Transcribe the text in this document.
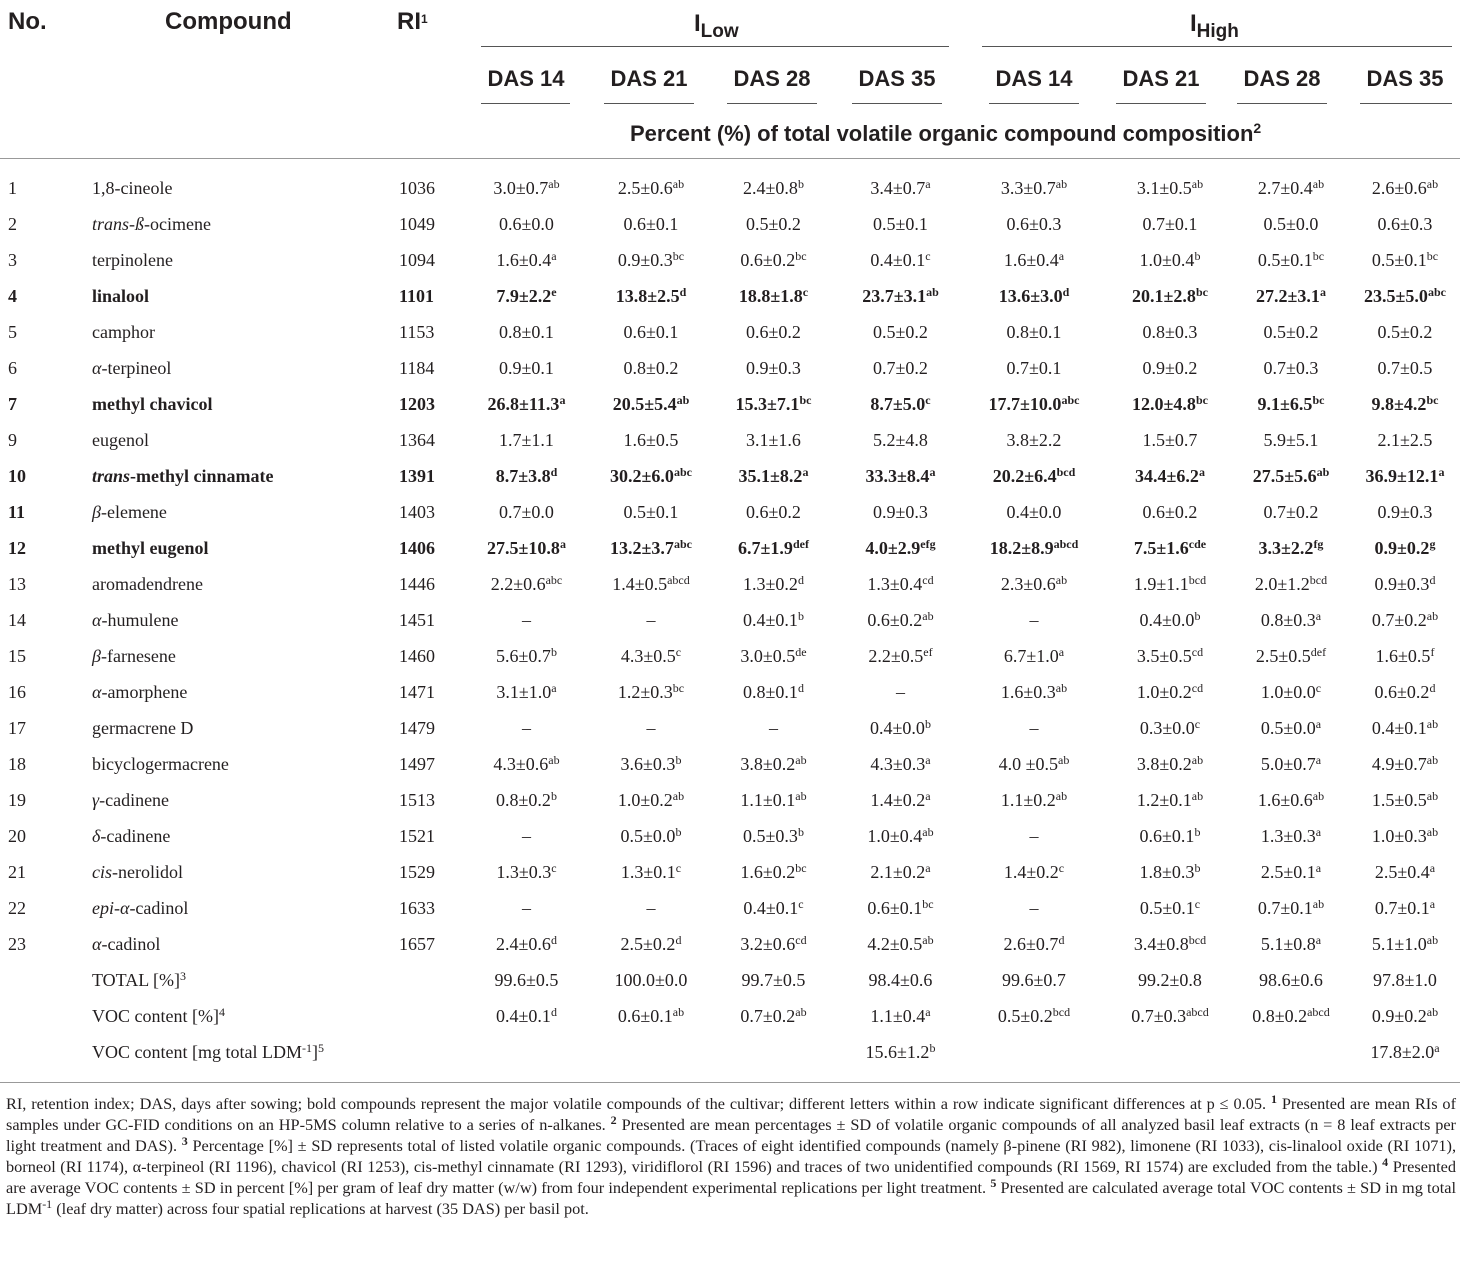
No.	Compound	$RI^1$	$I_{Low}$	$I_{High}$
DAS 14	DAS 21	DAS 28	DAS 35	DAS 14	DAS 21	DAS 28	DAS 35
Percent (%) of total volatile organic compound composition$^2$
1	1,8-cineole	1036	3.0±0.7$^{ab}$	2.5±0.6$^{ab}$	2.4±0.8$^b$	3.4±0.7$^a$	3.3±0.7$^{ab}$	3.1±0.5$^{ab}$	2.7±0.4$^{ab}$	2.6±0.6$^{ab}$
2	trans-ß-ocimene	1049	0.6±0.0	0.6±0.1	0.5±0.2	0.5±0.1	0.6±0.3	0.7±0.1	0.5±0.0	0.6±0.3
3	terpinolene	1094	1.6±0.4$^a$	0.9±0.3$^{bc}$	0.6±0.2$^{bc}$	0.4±0.1$^c$	1.6±0.4$^a$	1.0±0.4$^b$	0.5±0.1$^{bc}$	0.5±0.1$^{bc}$
4	linalool	1101	7.9±2.2$^e$	13.8±2.5$^d$	18.8±1.8$^c$	23.7±3.1$^{ab}$	13.6±3.0$^d$	20.1±2.8$^{bc}$	27.2±3.1$^a$	23.5±5.0$^{abc}$
5	camphor	1153	0.8±0.1	0.6±0.1	0.6±0.2	0.5±0.2	0.8±0.1	0.8±0.3	0.5±0.2	0.5±0.2
6	α-terpineol	1184	0.9±0.1	0.8±0.2	0.9±0.3	0.7±0.2	0.7±0.1	0.9±0.2	0.7±0.3	0.7±0.5
7	methyl chavicol	1203	26.8±11.3$^a$	20.5±5.4$^{ab}$	15.3±7.1$^{bc}$	8.7±5.0$^c$	17.7±10.0$^{abc}$	12.0±4.8$^{bc}$	9.1±6.5$^{bc}$	9.8±4.2$^{bc}$
9	eugenol	1364	1.7±1.1	1.6±0.5	3.1±1.6	5.2±4.8	3.8±2.2	1.5±0.7	5.9±5.1	2.1±2.5
10	trans-methyl cinnamate	1391	8.7±3.8$^d$	30.2±6.0$^{abc}$	35.1±8.2$^a$	33.3±8.4$^a$	20.2±6.4$^{bcd}$	34.4±6.2$^a$	27.5±5.6$^{ab}$	36.9±12.1$^a$
11	β-elemene	1403	0.7±0.0	0.5±0.1	0.6±0.2	0.9±0.3	0.4±0.0	0.6±0.2	0.7±0.2	0.9±0.3
12	methyl eugenol	1406	27.5±10.8$^a$	13.2±3.7$^{abc}$	6.7±1.9$^{def}$	4.0±2.9$^{efg}$	$18.2\pm 8.9^{abcd}$	7.5±1.6$^{cde}$	3.3±2.2$^{fg}$	0.9±0.2$^g$
13	aromadendrene	1446	2.2±0.6$^{abc}$	$1.4\pm 0.5^{abcd}$	1.3±0.2$^d$	1.3±0.4$^{cd}$	2.3±0.6$^{ab}$	1.9±1.1$^{bcd}$	2.0±1.2$^{bcd}$	0.9±0.3$^d$
14	α-humulene	1451	–	–	0.4±0.1$^b$	0.6±0.2$^{ab}$	–	0.4±0.0$^b$	0.8±0.3$^a$	0.7±0.2$^{ab}$
15	β-farnesene	1460	5.6±0.7$^b$	4.3±0.5$^c$	3.0±0.5de	2.2±0.5$^{ef}$	6.7±1.0$^a$	3.5±0.5$^{cd}$	2.5±0.5$^{def}$	1.6±0.5$^f$
16	α-amorphene	1471	3.1±1.0$^a$	1.2±0.3$^{bc}$	0.8±0.1$^d$	–	1.6±0.3$^{ab}$	1.0±0.2$^{cd}$	1.0±0.0$^c$	0.6±0.2$^d$
17	germacrene D	1479	–	–	–	0.4±0.0$^b$	–	0.3±0.0$^c$	0.5±0.0$^a$	0.4±0.1$^{ab}$
18	bicyclogermacrene	1497	4.3±0.6$^{ab}$	3.6±0.3$^b$	3.8±0.2$^{ab}$	4.3±0.3$^a$	4.0 ±0.5$^{ab}$	3.8±0.2$^{ab}$	5.0±0.7$^a$	4.9±0.7$^{ab}$
19	γ-cadinene	1513	0.8±0.2$^b$	1.0±0.2$^{ab}$	1.1±0.1$^{ab}$	1.4±0.2$^a$	1.1±0.2$^{ab}$	1.2±0.1$^{ab}$	1.6±0.6$^{ab}$	1.5±0.5$^{ab}$
20	δ-cadinene	1521	–	0.5±0.0$^b$	0.5±0.3$^b$	1.0±0.4$^{ab}$	–	0.6±0.1$^b$	1.3±0.3$^a$	1.0±0.3$^{ab}$
21	cis-nerolidol	1529	1.3±0.3$^c$	1.3±0.1$^c$	1.6±0.2$^{bc}$	2.1±0.2$^a$	1.4±0.2$^c$	1.8±0.3$^b$	2.5±0.1$^a$	2.5±0.4$^a$
22	epi-α-cadinol	1633	–	–	0.4±0.1$^c$	0.6±0.1$^{bc}$	–	0.5±0.1$^c$	0.7±0.1$^{ab}$	0.7±0.1$^a$
23	α-cadinol	1657	2.4±0.6$^d$	2.5±0.2$^d$	3.2±0.6$^{cd}$	4.2±0.5$^{ab}$	2.6±0.7$^d$	3.4±0.8$^{bcd}$	5.1±0.8$^a$	5.1±1.0$^{ab}$
	TOTAL [%]$^3$		99.6±0.5	100.0±0.0	99.7±0.5	98.4±0.6	99.6±0.7	99.2±0.8	98.6±0.6	97.8±1.0
	VOC content [%]$^4$		0.4±0.1$^d$	0.6±0.1$^{ab}$	0.7±0.2$^{ab}$	1.1±0.4$^a$	0.5±0.2$^{bcd}$	$0.7\pm 0.3^{abcd}$	$0.8\pm 0.2^{abcd}$	0.9±0.2$^{ab}$
	VOC content [mg total $LDM^{-1}]^5$					15.6±1.2$^b$				17.8±2.0$^a$
RI, retention index; DAS, days after sowing; bold compounds represent the major volatile compounds of the cultivar; different letters within a row indicate significant differences at p ≤ 0.05. $^1$ Presented are mean RIs of samples under GC-FID conditions on an HP-5MS column relative to a series of n-alkanes. $^2$ Presented are mean percentages ± SD of volatile organic compounds of all analyzed basil leaf extracts (n = 8 leaf extracts per light treatment and DAS). $^3$ Percentage [%] ± SD represents total of listed volatile organic compounds. (Traces of eight identified compounds (namely β-pinene (RI 982), limonene (RI 1033), cis-linalool oxide (RI 1071), borneol (RI 1174), α-terpineol (RI 1196), chavicol (RI 1253), cis-methyl cinnamate (RI 1293), viridiflorol (RI 1596) and traces of two unidentified compounds (RI 1569, RI 1574) are excluded from the table.) $^4$ Presented are average VOC contents ± SD in percent [%] per gram of leaf dry matter (w/w) from four independent experimental replications per light treatment. $^5$ Presented are calculated average total VOC contents ± SD in mg total $LDM^{-1}$ (leaf dry matter) across four spatial replications at harvest (35 DAS) per basil pot.
